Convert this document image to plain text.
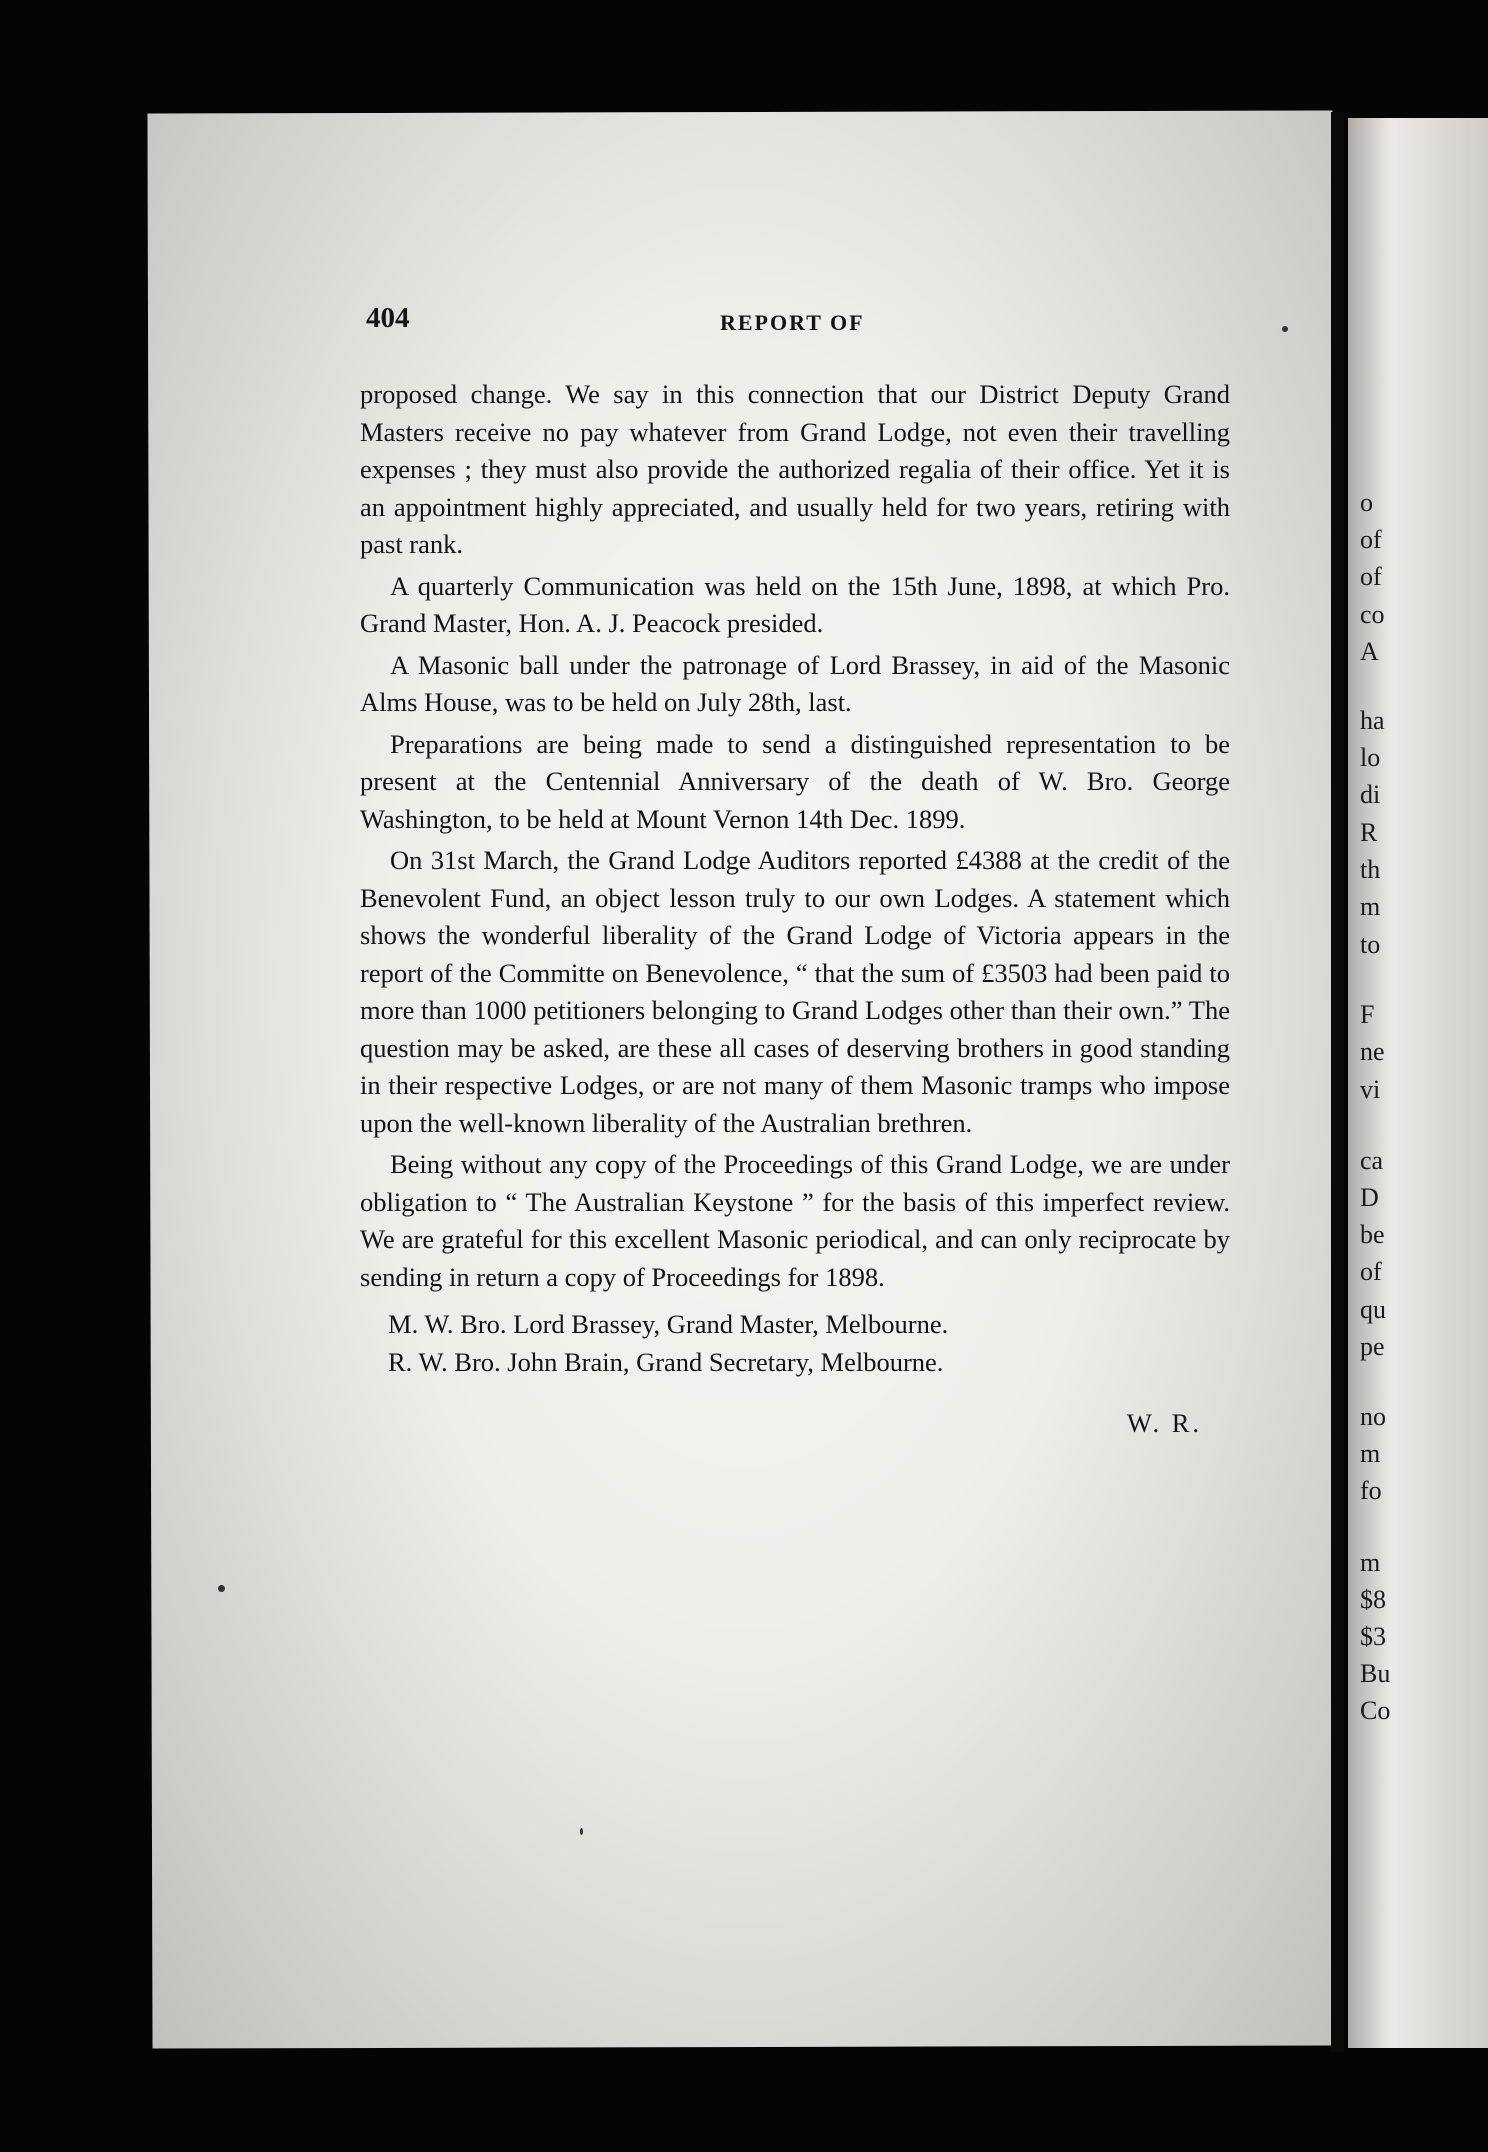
404	REPORT OF

proposed change. We say in this connection that our District Deputy Grand Masters receive no pay whatever from Grand Lodge, not even their travelling expenses ; they must also provide the authorized regalia of their office. Yet it is an appointment highly appreciated, and usually held for two years, retiring with past rank.

A quarterly Communication was held on the 15th June, 1898, at which Pro. Grand Master, Hon. A. J. Peacock presided.

A Masonic ball under the patronage of Lord Brassey, in aid of the Masonic Alms House, was to be held on July 28th, last.

Preparations are being made to send a distinguished representation to be present at the Centennial Anniversary of the death of W. Bro. George Washington, to be held at Mount Vernon 14th Dec. 1899.

On 31st March, the Grand Lodge Auditors reported £4388 at the credit of the Benevolent Fund, an object lesson truly to our own Lodges. A statement which shows the wonderful liberality of the Grand Lodge of Victoria appears in the report of the Committe on Benevolence, “ that the sum of £3503 had been paid to more than 1000 petitioners belonging to Grand Lodges other than their own.” The question may be asked, are these all cases of deserving brothers in good standing in their respective Lodges, or are not many of them Masonic tramps who impose upon the well-known liberality of the Australian brethren.

Being without any copy of the Proceedings of this Grand Lodge, we are under obligation to “ The Australian Keystone ” for the basis of this imperfect review. We are grateful for this excellent Masonic periodical, and can only reciprocate by sending in return a copy of Proceedings for 1898.

M. W. Bro. Lord Brassey, Grand Master, Melbourne.

R. W. Bro. John Brain, Grand Secretary, Melbourne.

W. R.
o
of
of
co
A
ha
lo
di
R
th
m
to
F
ne
vi
ca
D
be
of
qu
pe
no
m
fo
m
$8
$3
Bu
Co
